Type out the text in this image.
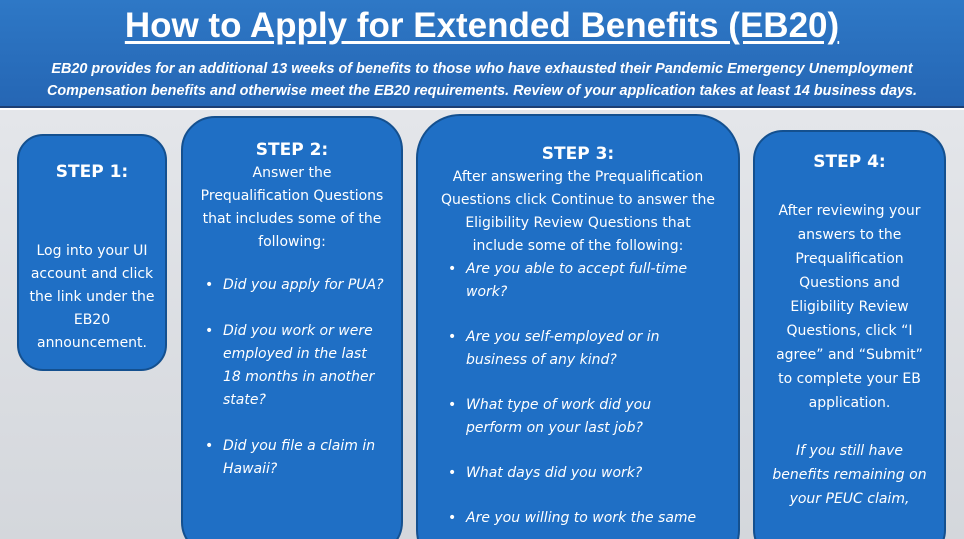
How to Apply for Extended Benefits (EB20)
EB20 provides for an additional 13 weeks of benefits to those who have exhausted their Pandemic Emergency Unemployment Compensation benefits and otherwise meet the EB20 requirements. Review of your application takes at least 14 business days.
STEP 1:

Log into your UI account and click the link under the EB20 announcement.

STEP 2:

Answer the Prequalification Questions that includes some of the following:

• Did you apply for PUA?
• Did you work or were employed in the last 18 months in another state?
• Did you file a claim in Hawaii?
STEP 3:

After answering the Prequalification Questions click Continue to answer the Eligibility Review Questions that include some of the following:

• Are you able to accept full-time work?
• Are you self-employed or in business of any kind?
• What type of work did you perform on your last job?
• What days did you work?
• Are you willing to work the same
STEP 4:

After reviewing your answers to the Prequalification Questions and Eligibility Review Questions, click “I agree” and “Submit” to complete your EB application.

If you still have benefits remaining on your PEUC claim,
